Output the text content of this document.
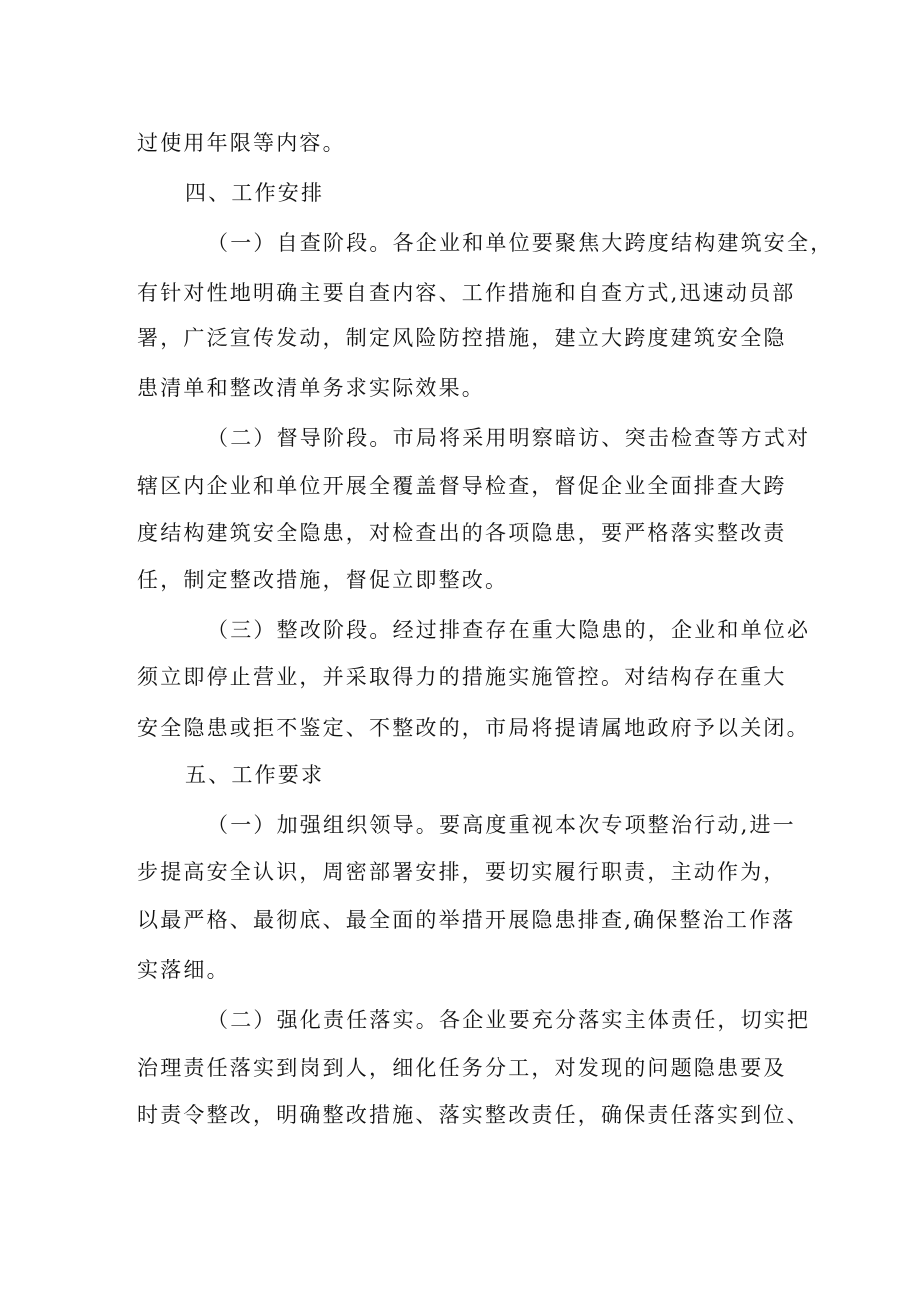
过使用年限等内容。
四、工作安排
（一）自查阶段。各企业和单位要聚焦大跨度结构建筑安全，
有针对性地明确主要自查内容、工作措施和自查方式,迅速动员部
署，广泛宣传发动，制定风险防控措施，建立大跨度建筑安全隐
患清单和整改清单务求实际效果。
（二）督导阶段。市局将采用明察暗访、突击检查等方式对
辖区内企业和单位开展全覆盖督导检查，督促企业全面排查大跨
度结构建筑安全隐患，对检查出的各项隐患，要严格落实整改责
任，制定整改措施，督促立即整改。
（三）整改阶段。经过排查存在重大隐患的，企业和单位必
须立即停止营业，并采取得力的措施实施管控。对结构存在重大
安全隐患或拒不鉴定、不整改的，市局将提请属地政府予以关闭。
五、工作要求
（一）加强组织领导。要高度重视本次专项整治行动,进一
步提高安全认识，周密部署安排，要切实履行职责，主动作为，
以最严格、最彻底、最全面的举措开展隐患排查,确保整治工作落
实落细。
（二）强化责任落实。各企业要充分落实主体责任，切实把
治理责任落实到岗到人，细化任务分工，对发现的问题隐患要及
时责令整改，明确整改措施、落实整改责任，确保责任落实到位、
